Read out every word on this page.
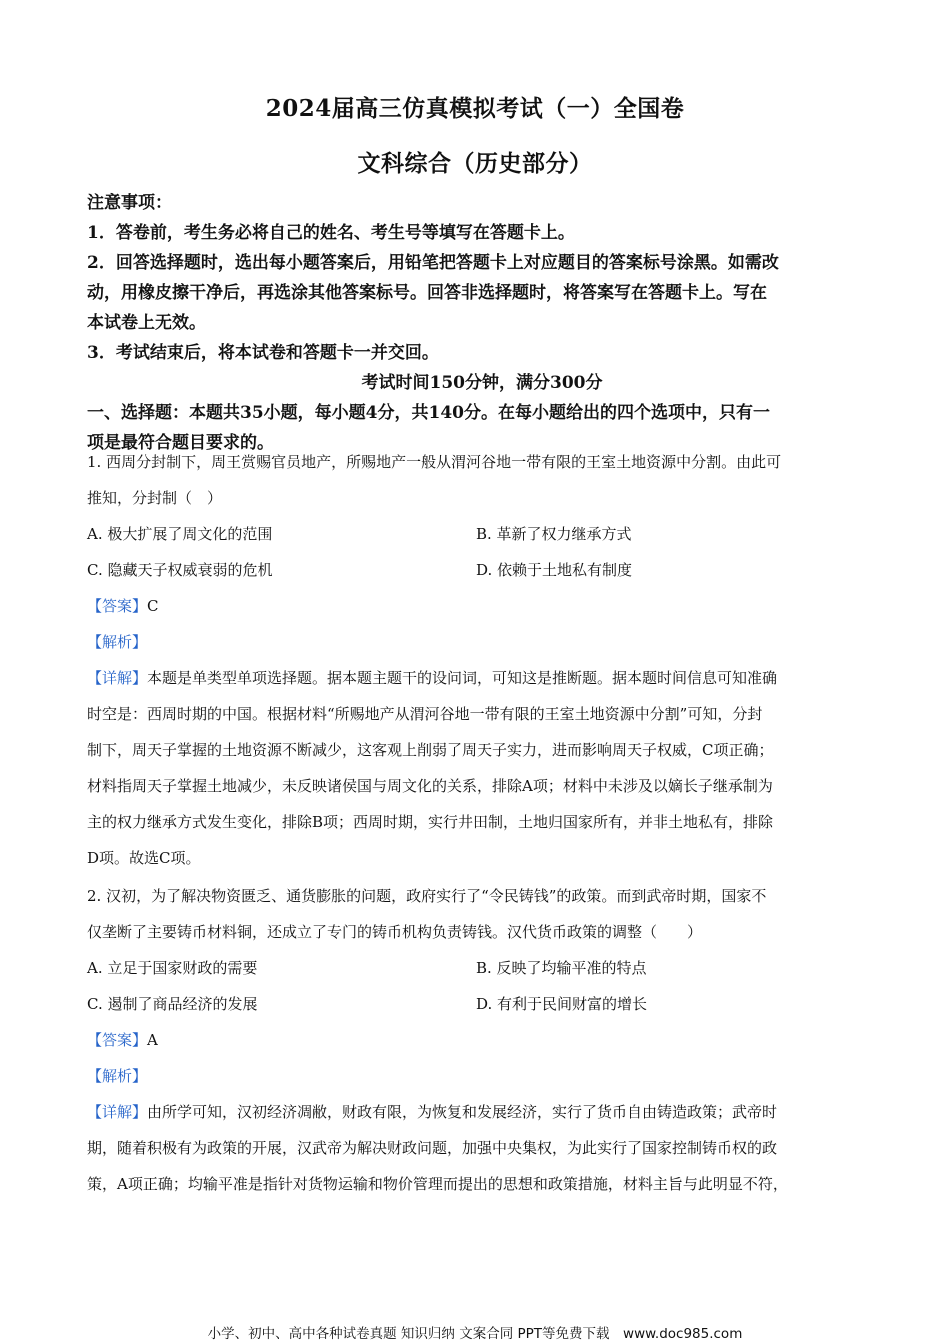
2024届高三仿真模拟考试（一）全国卷
文科综合（历史部分）
注意事项：
1．答卷前，考生务必将自己的姓名、考生号等填写在答题卡上。
2．回答选择题时，选出每小题答案后，用铅笔把答题卡上对应题目的答案标号涂黑。如需改
动，用橡皮擦干净后，再选涂其他答案标号。回答非选择题时，将答案写在答题卡上。写在
本试卷上无效。
3．考试结束后，将本试卷和答题卡一并交回。
考试时间150分钟，满分300分
一、选择题：本题共35小题，每小题4分，共140分。在每小题给出的四个选项中，只有一
项是最符合题目要求的。

1. 西周分封制下，周王赏赐官员地产，所赐地产一般从渭河谷地一带有限的王室土地资源中分割。由此可

推知，分封制（　）

A. 极大扩展了周文化的范围	B. 革新了权力继承方式
C. 隐藏天子权威衰弱的危机	D. 依赖于土地私有制度

【答案】C

【解析】

【详解】本题是单类型单项选择题。据本题主题干的设问词，可知这是推断题。据本题时间信息可知准确

时空是：西周时期的中国。根据材料“所赐地产从渭河谷地一带有限的王室土地资源中分割”可知，分封

制下，周天子掌握的土地资源不断减少，这客观上削弱了周天子实力，进而影响周天子权威，C项正确；

材料指周天子掌握土地减少，未反映诸侯国与周文化的关系，排除A项；材料中未涉及以嫡长子继承制为

主的权力继承方式发生变化，排除B项；西周时期，实行井田制，土地归国家所有，并非土地私有，排除

D项。故选C项。

2. 汉初，为了解决物资匮乏、通货膨胀的问题，政府实行了“令民铸钱”的政策。而到武帝时期，国家不

仅垄断了主要铸币材料铜，还成立了专门的铸币机构负责铸钱。汉代货币政策的调整（　　）

A. 立足于国家财政的需要	B. 反映了均输平准的特点
C. 遏制了商品经济的发展	D. 有利于民间财富的增长

【答案】A

【解析】

【详解】由所学可知，汉初经济凋敝，财政有限，为恢复和发展经济，实行了货币自由铸造政策；武帝时

期，随着积极有为政策的开展，汉武帝为解决财政问题，加强中央集权，为此实行了国家控制铸币权的政

策，A项正确；均输平准是指针对货物运输和物价管理而提出的思想和政策措施，材料主旨与此明显不符，

小学、初中、高中各种试卷真题 知识归纳 文案合同 PPT等免费下载　www.doc985.com
